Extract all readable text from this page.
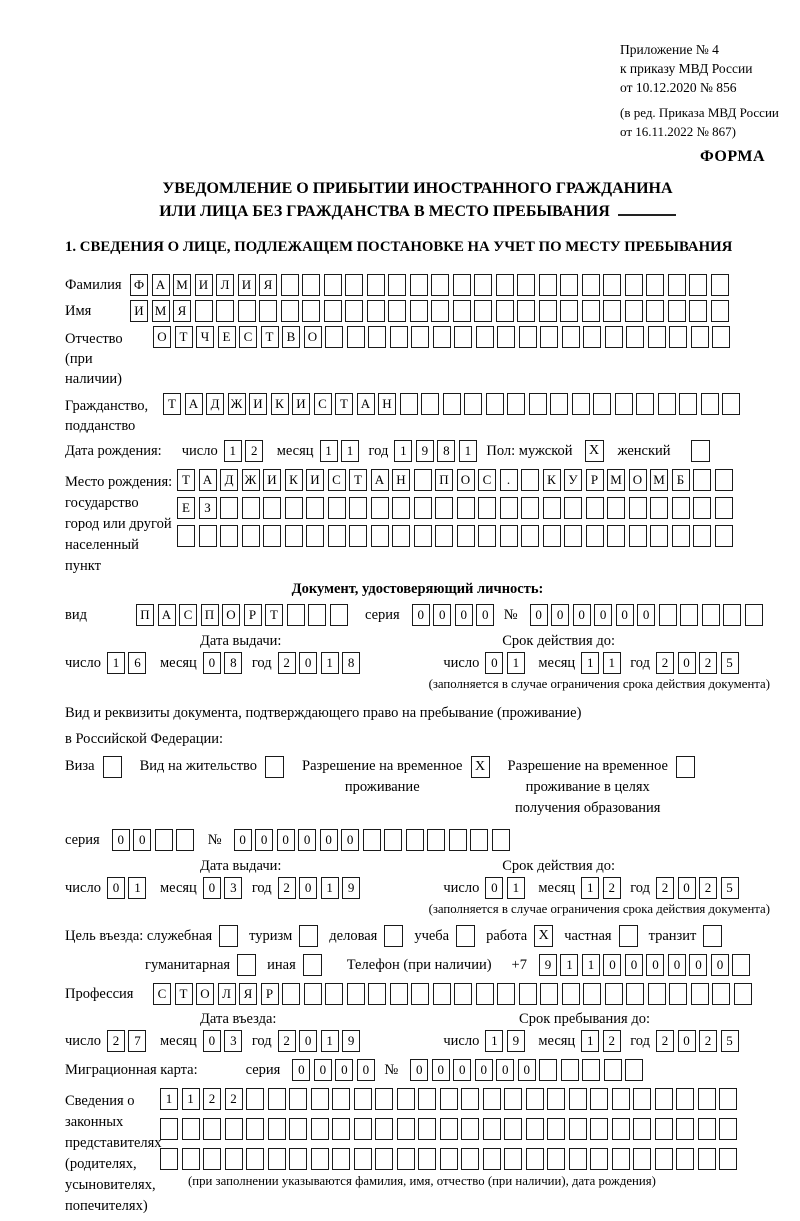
Приложение № 4
к приказу МВД России
от 10.12.2020 № 856
(в ред. Приказа МВД России
от 16.11.2022 № 867)
ФОРМА
УВЕДОМЛЕНИЕ О ПРИБЫТИИ ИНОСТРАННОГО ГРАЖДАНИНА
ИЛИ ЛИЦА БЕЗ ГРАЖДАНСТВА В МЕСТО ПРЕБЫВАНИЯ
1. СВЕДЕНИЯ О ЛИЦЕ, ПОДЛЕЖАЩЕМ ПОСТАНОВКЕ НА УЧЕТ ПО МЕСТУ ПРЕБЫВАНИЯ
Фамилия Ф А М И Л И Я
Имя	И М Я
Отчество
(при наличии)
О Т	Ч	Е	С	Т	В О
Гражданство,
подданство
Т А Д Ж И К И С	Т А Н
Дата рождения: число 1	2	месяц 1	1	год 1	9	8	1	Пол: мужской	X	женский
Место рождения:
государство
город или другой
населенный пункт
Т А Д Ж И К И С	Т А Н	П О С	.	К У	Р М О М Б
Е	З
Документ, удостоверяющий личность:
вид	П А С П О	Р	Т	серия	0	0	0	0	№	0	0	0	0	0	0
Дата выдачи:	Срок действия до:
число 1	6	месяц 0	8	год 2	0	1	8	число 0	1	месяц 1	1	год 2	0	2	5
(заполняется в случае ограничения срока действия документа)
Вид и реквизиты документа, подтверждающего право на пребывание (проживание)
в Российской Федерации:
Виза	Вид на жительство	Разрешение на временное
проживание
X	Разрешение на временное
проживание в целях
получения образования
серия	0	0	№	0	0	0	0	0	0
Дата выдачи:	Срок действия до:
число 0	1	месяц 0	3	год 2	0	1	9	число 0	1	месяц 1	2	год 2	0	2	5
(заполняется в случае ограничения срока действия документа)
Цель въезда: служебная	туризм	деловая	учеба	работа X	частная	транзит
гуманитарная	иная	Телефон (при наличии) +7	9	1	1	0	0	0	0	0	0
Профессия	С	Т О Л Я	Р
Дата въезда:	Срок пребывания до:
число 2	7	месяц 0	3	год 2	0	1	9	число 1	9	месяц 1	2	год 2	0	2	5
Миграционная карта:	серия	0	0	0	0	№	0	0	0	0	0	0
Сведения о
законных
представителях
(родителях,
усыновителях,
попечителях)
1	1	2	2
(при заполнении указываются фамилия, имя, отчество (при наличии), дата рождения)
